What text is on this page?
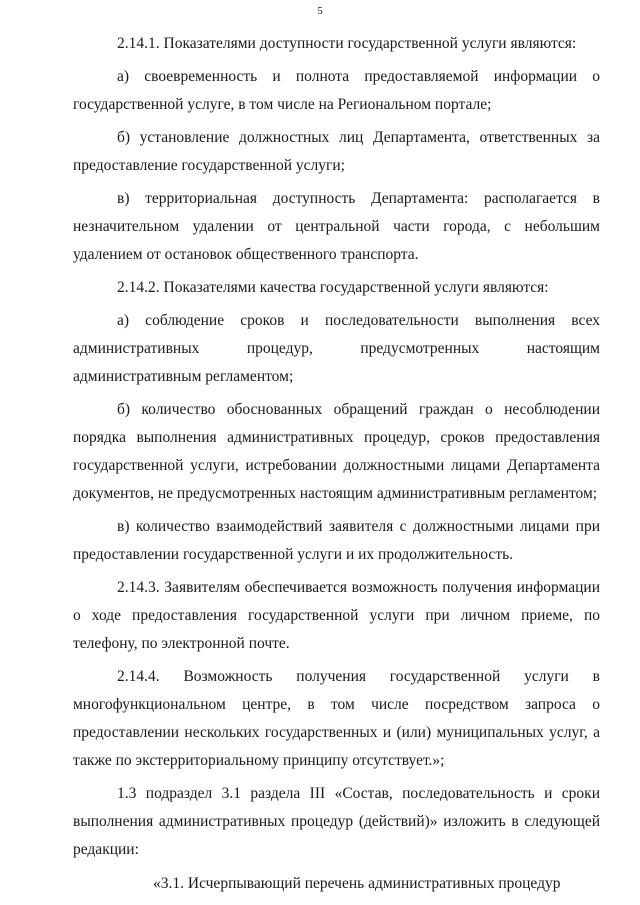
5

2.14.1. Показателями доступности государственной услуги являются:

а) своевременность и полнота предоставляемой информации о государственной услуге, в том числе на Региональном портале;

б) установление должностных лиц Департамента, ответственных за предоставление государственной услуги;

в) территориальная доступность Департамента: располагается в незначительном удалении от центральной части города, с небольшим удалением от остановок общественного транспорта.

2.14.2. Показателями качества государственной услуги являются:

а) соблюдение сроков и последовательности выполнения всех административных процедур, предусмотренных настоящим административным регламентом;

б) количество обоснованных обращений граждан о несоблюдении порядка выполнения административных процедур, сроков предоставления государственной услуги, истребовании должностными лицами Департамента документов, не предусмотренных настоящим административным регламентом;

в) количество взаимодействий заявителя с должностными лицами при предоставлении государственной услуги и их продолжительность.

2.14.3. Заявителям обеспечивается возможность получения информации о ходе предоставления государственной услуги при личном приеме, по телефону, по электронной почте.

2.14.4. Возможность получения государственной услуги в многофункциональном центре, в том числе посредством запроса о предоставлении нескольких государственных и (или) муниципальных услуг, а также по экстерриториальному принципу отсутствует.»;

1.3 подраздел 3.1 раздела III «Состав, последовательность и сроки выполнения административных процедур (действий)» изложить в следующей редакции:

«3.1. Исчерпывающий перечень административных процедур
